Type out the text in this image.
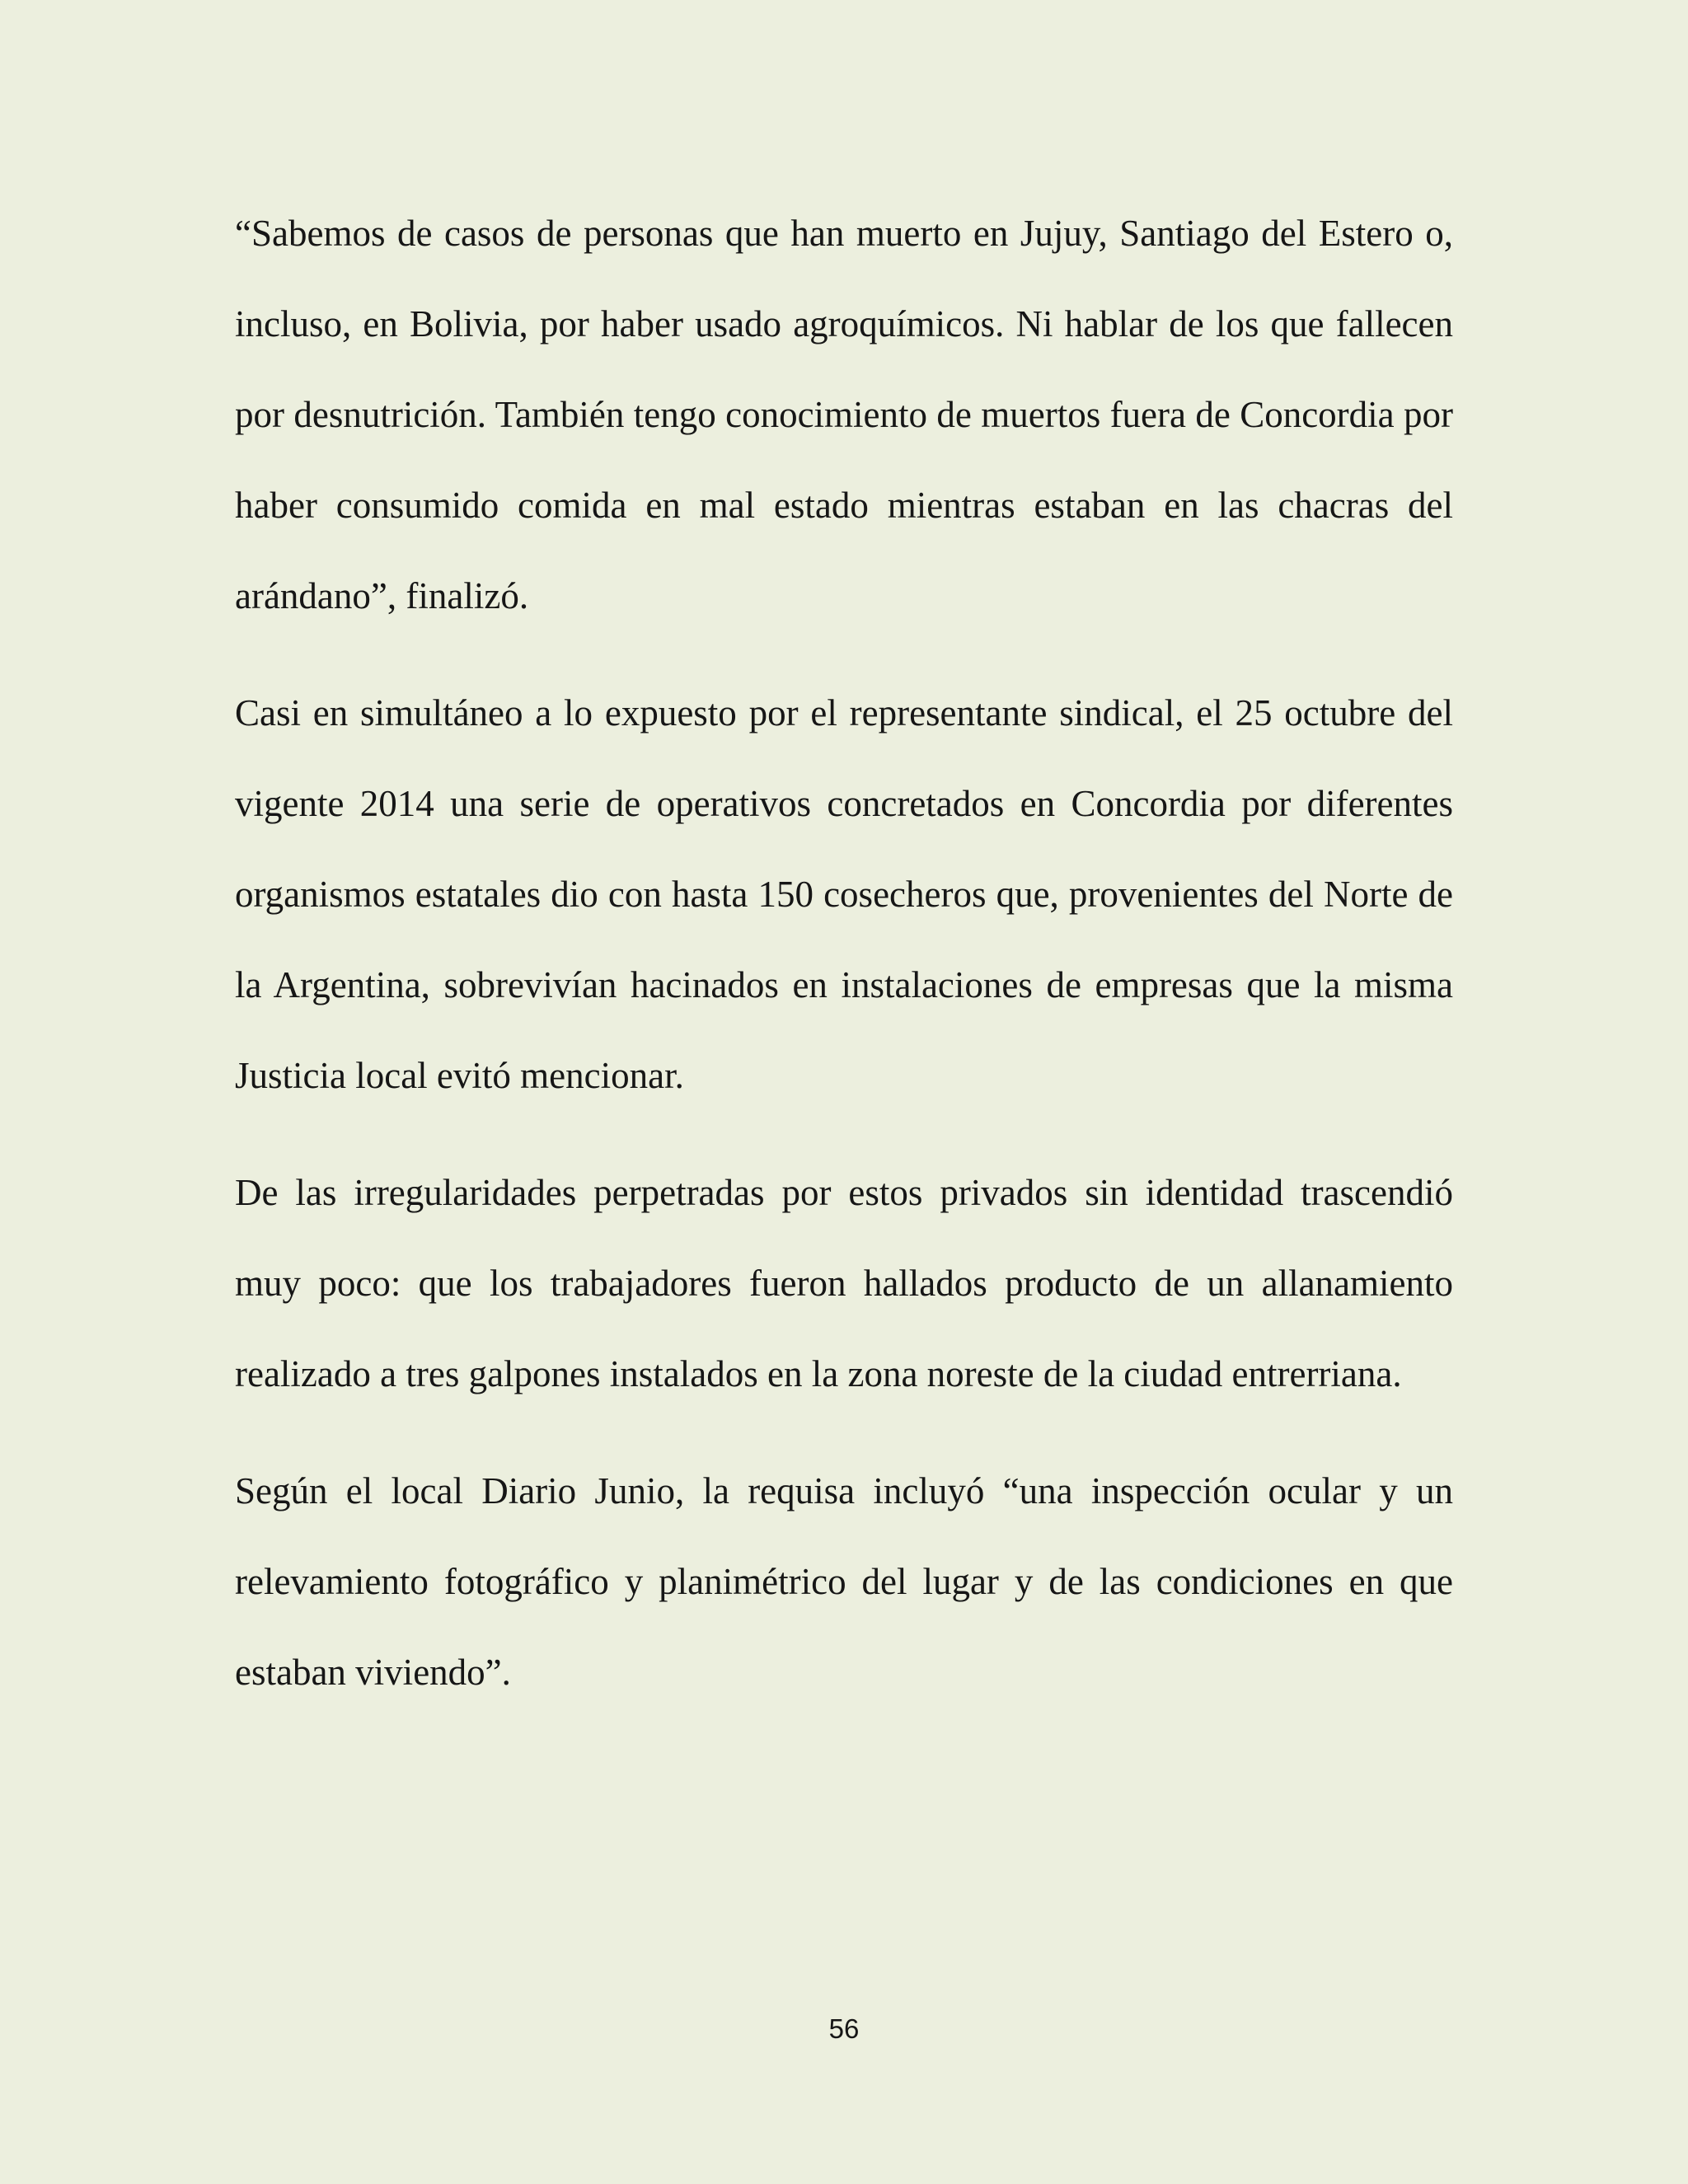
“Sabemos de casos de personas que han muerto en Jujuy, Santiago del Estero o, incluso, en Bolivia, por haber usado agroquímicos. Ni hablar de los que fallecen por desnutrición. También tengo conocimiento de muertos fuera de Concordia por haber consumido comida en mal estado mientras estaban en las chacras del arándano”, finalizó.

Casi en simultáneo a lo expuesto por el representante sindical, el 25 octubre del vigente 2014 una serie de operativos concretados en Concordia por diferentes organismos estatales dio con hasta 150 cosecheros que, provenientes del Norte de la Argentina, sobrevivían hacinados en instalaciones de empresas que la misma Justicia local evitó mencionar.

De las irregularidades perpetradas por estos privados sin identidad trascendió muy poco: que los trabajadores fueron hallados producto de un allanamiento realizado a tres galpones instalados en la zona noreste de la ciudad entrerriana.

Según el local Diario Junio, la requisa incluyó “una inspección ocular y un relevamiento fotográfico y planimétrico del lugar y de las condiciones en que estaban viviendo”.

56
